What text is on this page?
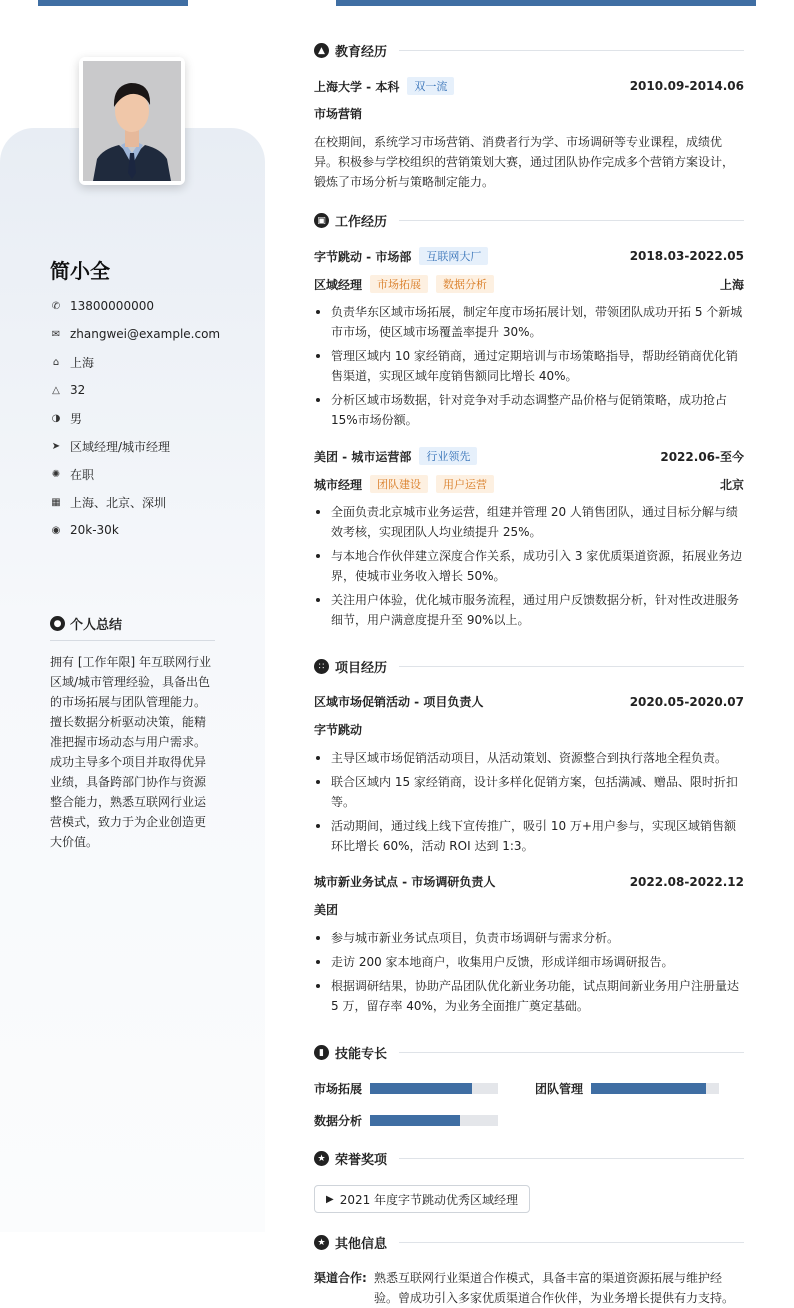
简小全
✆ 13800000000
✉ zhangwei@example.com
⌂ 上海
△ 32
◑ 男
➤ 区域经理/城市经理
✺ 在职
▦ 上海、北京、深圳
◉ 20k-30k
● 个人总结
拥有 [工作年限] 年互联网行业区域/城市管理经验，具备出色的市场拓展与团队管理能力。擅长数据分析驱动决策，能精准把握市场动态与用户需求。成功主导多个项目并取得优异业绩，具备跨部门协作与资源整合能力，熟悉互联网行业运营模式，致力于为企业创造更大价值。
▲ 教育经历
上海大学 - 本科	双一流	2010.09-2014.06
市场营销
在校期间，系统学习市场营销、消费者行为学、市场调研等专业课程，成绩优异。积极参与学校组织的营销策划大赛，通过团队协作完成多个营销方案设计，锻炼了市场分析与策略制定能力。
▣ 工作经历
字节跳动 - 市场部	互联网大厂	2018.03-2022.05
区域经理	市场拓展	数据分析	上海
负责华东区域市场拓展，制定年度市场拓展计划，带领团队成功开拓 5 个新城市市场，使区域市场覆盖率提升 30%。
管理区域内 10 家经销商，通过定期培训与市场策略指导，帮助经销商优化销售渠道，实现区域年度销售额同比增长 40%。
分析区域市场数据，针对竞争对手动态调整产品价格与促销策略，成功抢占 15%市场份额。
美团 - 城市运营部	行业领先	2022.06-至今
城市经理	团队建设	用户运营	北京
全面负责北京城市业务运营，组建并管理 20 人销售团队，通过目标分解与绩效考核，实现团队人均业绩提升 25%。
与本地合作伙伴建立深度合作关系，成功引入 3 家优质渠道资源，拓展业务边界，使城市业务收入增长 50%。
关注用户体验，优化城市服务流程，通过用户反馈数据分析，针对性改进服务细节，用户满意度提升至 90%以上。
∷ 项目经历
区域市场促销活动 - 项目负责人	2020.05-2020.07
字节跳动
主导区域市场促销活动项目，从活动策划、资源整合到执行落地全程负责。
联合区域内 15 家经销商，设计多样化促销方案，包括满减、赠品、限时折扣等。
活动期间，通过线上线下宣传推广，吸引 10 万+用户参与，实现区域销售额环比增长 60%，活动 ROI 达到 1:3。
城市新业务试点 - 市场调研负责人	2022.08-2022.12
美团
参与城市新业务试点项目，负责市场调研与需求分析。
走访 200 家本地商户，收集用户反馈，形成详细市场调研报告。
根据调研结果，协助产品团队优化新业务功能，试点期间新业务用户注册量达 5 万，留存率 40%，为业务全面推广奠定基础。
▮ 技能专长
市场拓展	团队管理
数据分析
★ 荣誉奖项
▶ 2021 年度字节跳动优秀区域经理
★ 其他信息
渠道合作: 熟悉互联网行业渠道合作模式，具备丰富的渠道资源拓展与维护经验。曾成功引入多家优质渠道合作伙伴，为业务增长提供有力支持。
